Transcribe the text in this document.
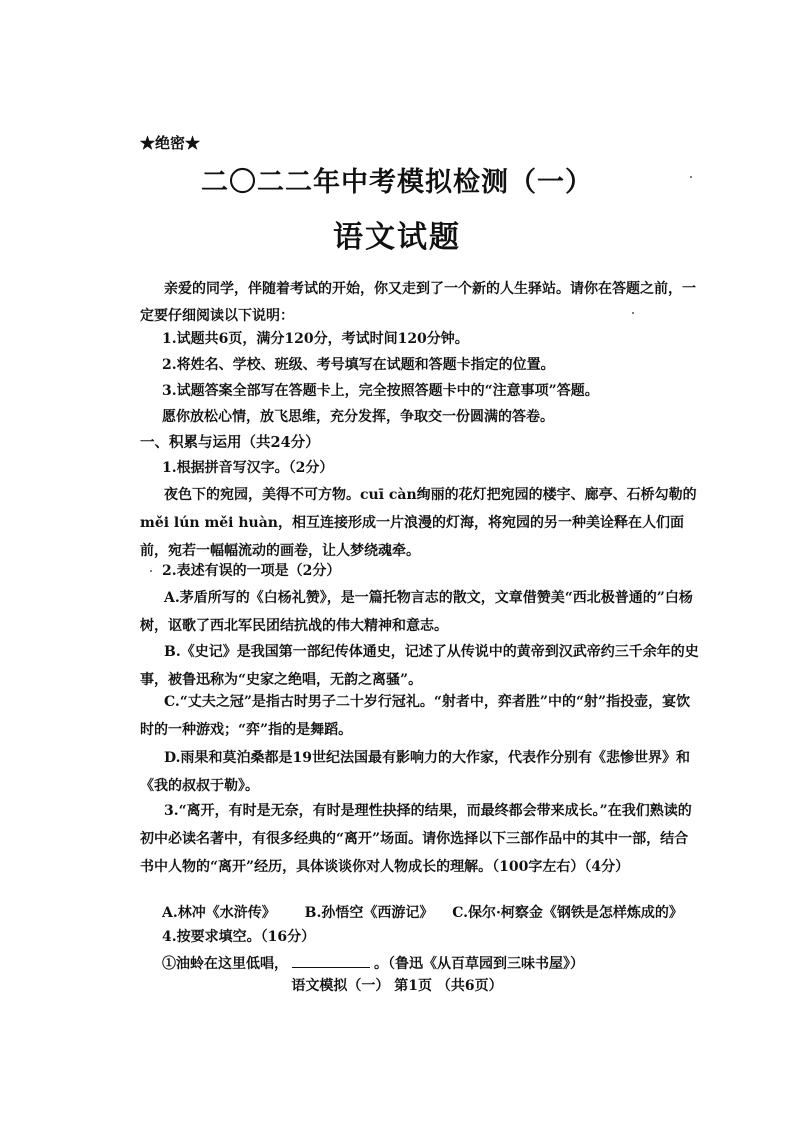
★绝密★
二〇二二年中考模拟检测（一）
语文试题
亲爱的同学，伴随着考试的开始，你又走到了一个新的人生驿站。请你在答题之前，一定要仔细阅读以下说明：
1.试题共6页，满分120分，考试时间120分钟。
2.将姓名、学校、班级、考号填写在试题和答题卡指定的位置。
3.试题答案全部写在答题卡上，完全按照答题卡中的“注意事项”答题。
愿你放松心情，放飞思维，充分发挥，争取交一份圆满的答卷。
一、积累与运用（共24分）
1.根据拼音写汉字。（2分）
夜色下的宛园，美得不可方物。cuī càn绚丽的花灯把宛园的楼宇、廊亭、石桥勾勒的měi lún měi huàn，相互连接形成一片浪漫的灯海，将宛园的另一种美诠释在人们面前，宛若一幅幅流动的画卷，让人梦绕魂牵。
2.表述有误的一项是（2分）
A.茅盾所写的《白杨礼赞》，是一篇托物言志的散文，文章借赞美“西北极普通的”白杨树，讴歌了西北军民团结抗战的伟大精神和意志。
B.《史记》是我国第一部纪传体通史，记述了从传说中的黄帝到汉武帝约三千余年的史事，被鲁迅称为“史家之绝唱，无韵之离骚”。
C.“丈夫之冠”是指古时男子二十岁行冠礼。“射者中，弈者胜”中的“射”指投壶，宴饮时的一种游戏；“弈”指的是舞蹈。
D.雨果和莫泊桑都是19世纪法国最有影响力的大作家，代表作分别有《悲惨世界》和《我的叔叔于勒》。
3.“离开，有时是无奈，有时是理性抉择的结果，而最终都会带来成长。”在我们熟读的初中必读名著中，有很多经典的“离开”场面。请你选择以下三部作品中的其中一部，结合书中人物的“离开”经历，具体谈谈你对人物成长的理解。（100字左右）（4分）
A.林冲《水浒传》 B.孙悟空《西游记》 C.保尔·柯察金《钢铁是怎样炼成的》
4.按要求填空。（16分）
①油蛉在这里低唱，	。（鲁迅《从百草园到三味书屋》）
语文模拟（一） 第1页 （共6页）
